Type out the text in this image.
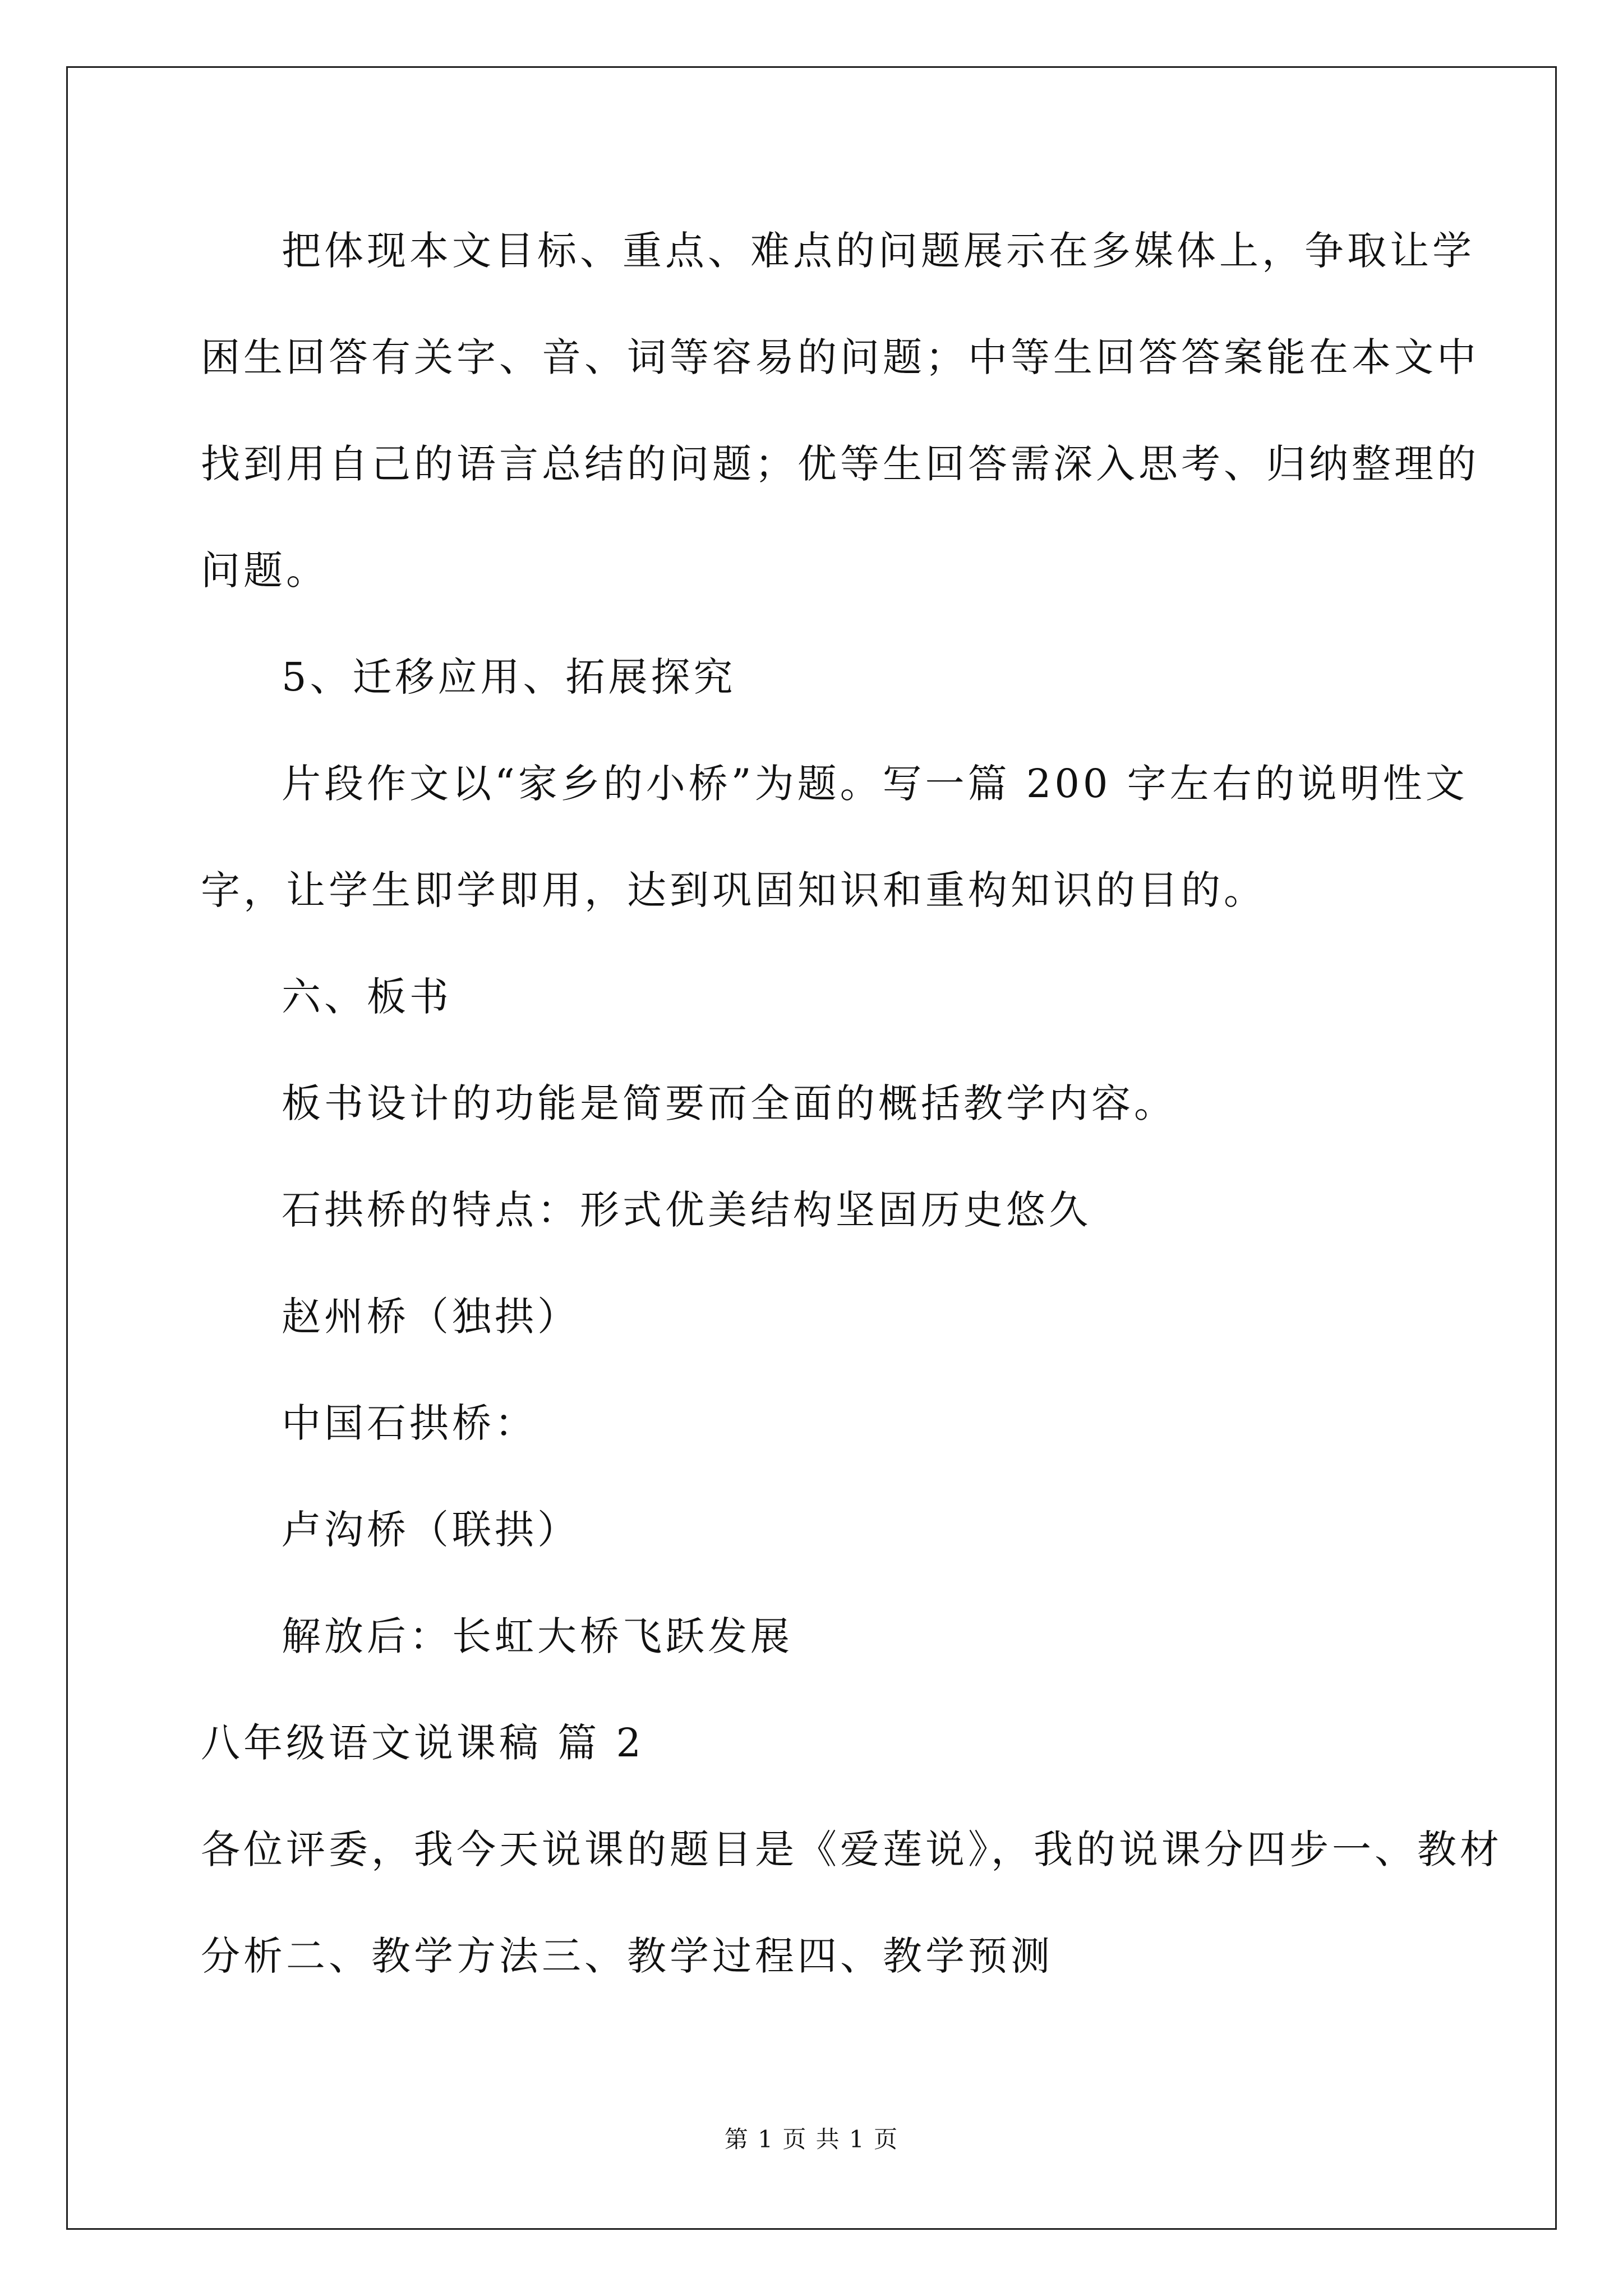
把体现本文目标、重点、难点的问题展示在多媒体上，争取让学
困生回答有关字、音、词等容易的问题；中等生回答答案能在本文中
找到用自己的语言总结的问题；优等生回答需深入思考、归纳整理的
问题。
5、迁移应用、拓展探究
片段作文以“家乡的小桥”为题。写一篇 200 字左右的说明性文
字，让学生即学即用，达到巩固知识和重构知识的目的。
六、板书
板书设计的功能是简要而全面的概括教学内容。
石拱桥的特点：形式优美结构坚固历史悠久
赵州桥（独拱）
中国石拱桥：
卢沟桥（联拱）
解放后：长虹大桥飞跃发展
八年级语文说课稿 篇 2
各位评委，我今天说课的题目是《爱莲说》，我的说课分四步一、教材
分析二、教学方法三、教学过程四、教学预测
第 1 页 共 1 页
